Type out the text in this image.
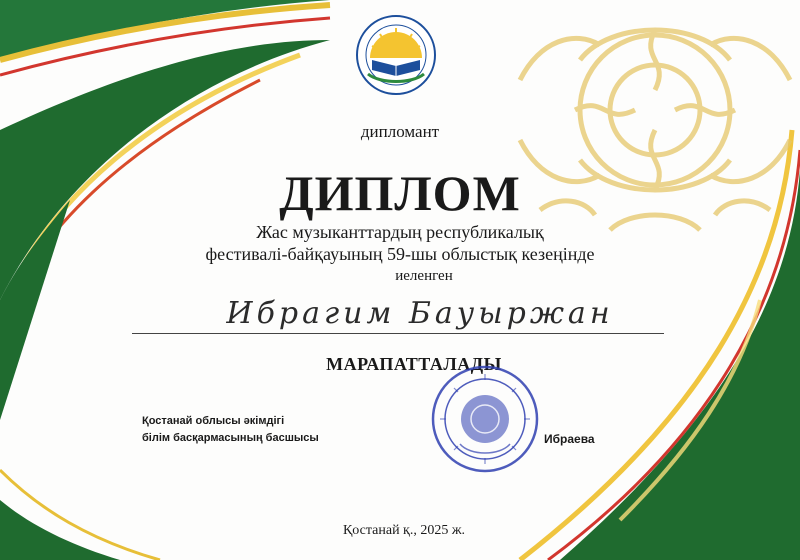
дипломант
ДИПЛОМ
Жас музыканттардың республикалық
фестивалі-байқауының 59-шы облыстық кезеңінде
иеленген
Ибрагим Бауыржан
МАРАПАТТАЛАДЫ
Қостанай облысы әкімдігі
білім басқармасының басшысы	Ибраева
Қостанай қ., 2025 ж.
